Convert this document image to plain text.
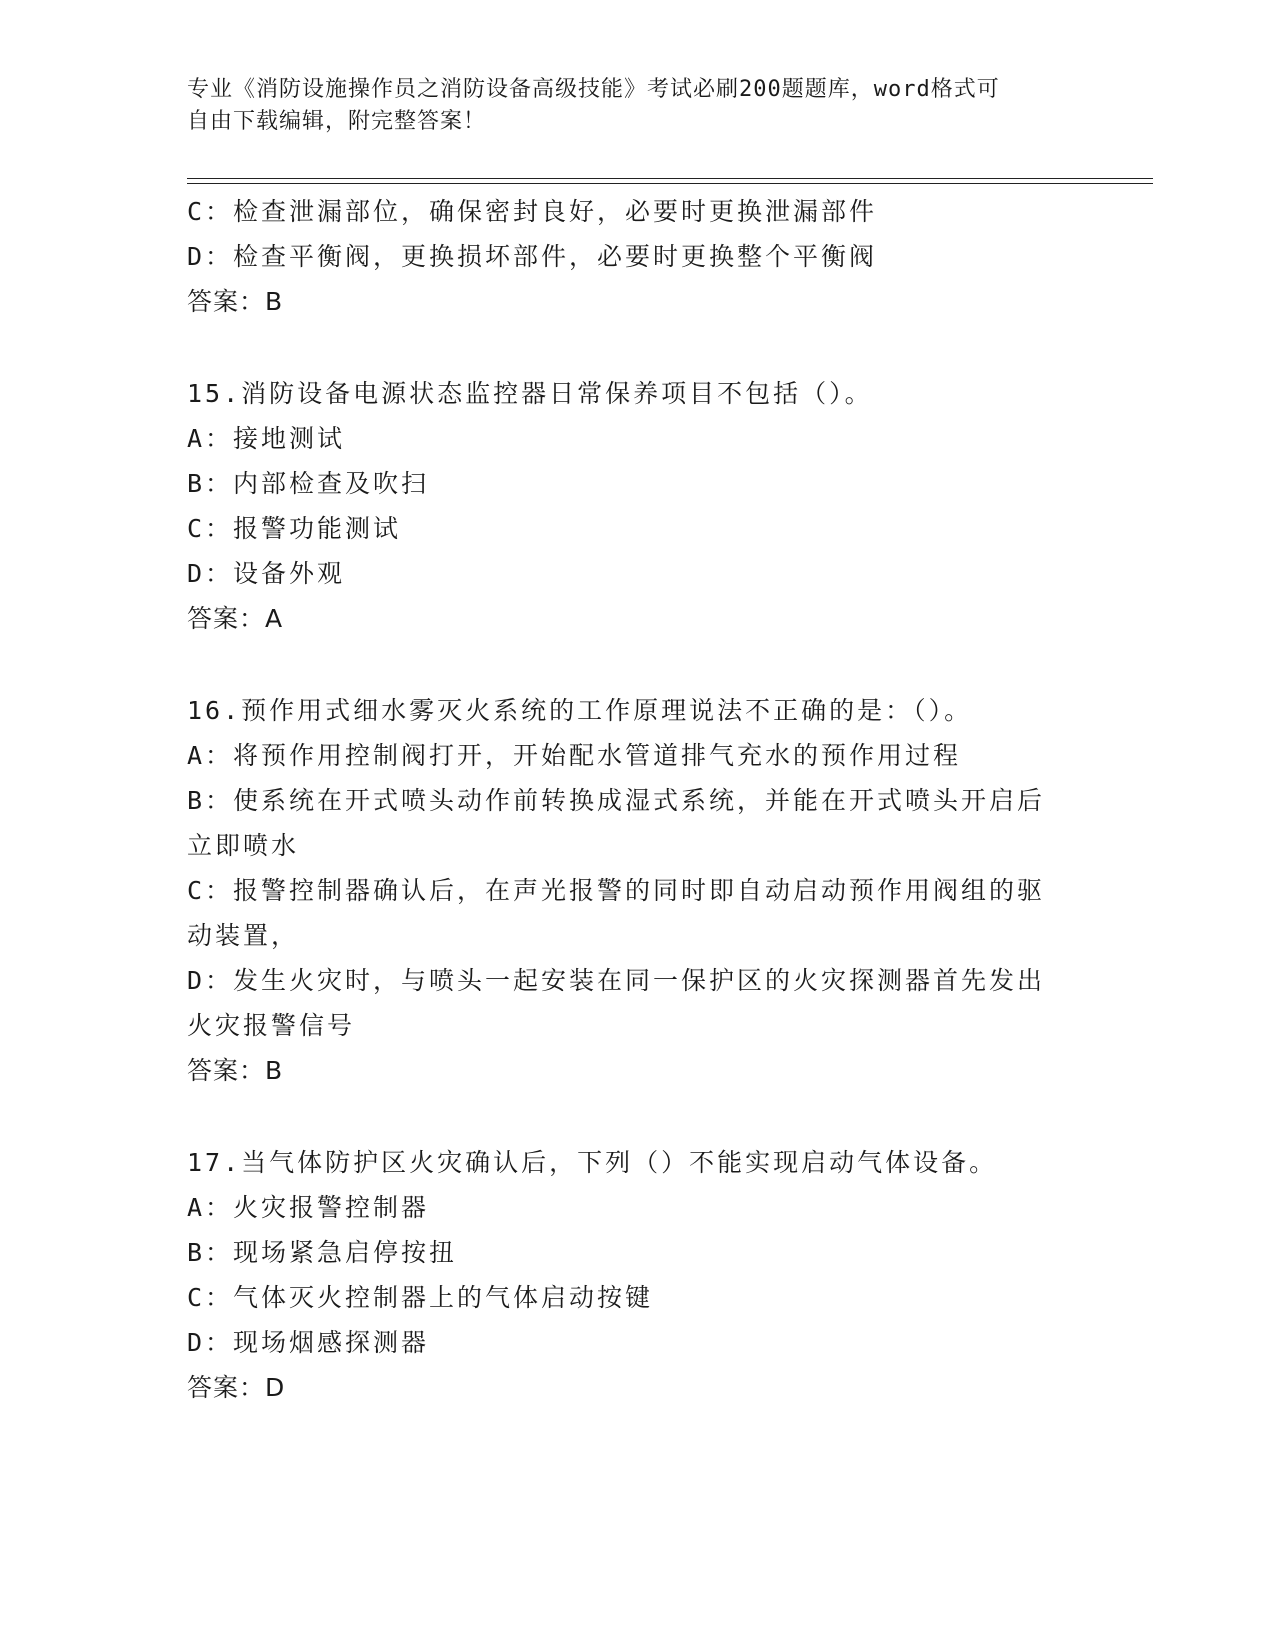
专业《消防设施操作员之消防设备高级技能》考试必刷200题题库，word格式可
自由下载编辑，附完整答案！
C：检查泄漏部位，确保密封良好，必要时更换泄漏部件
D：检查平衡阀，更换损坏部件，必要时更换整个平衡阀
答案：B
15.消防设备电源状态监控器日常保养项目不包括（）。
A：接地测试
B：内部检查及吹扫
C：报警功能测试
D：设备外观
答案：A
16.预作用式细水雾灭火系统的工作原理说法不正确的是：（）。
A：将预作用控制阀打开，开始配水管道排气充水的预作用过程
B：使系统在开式喷头动作前转换成湿式系统，并能在开式喷头开启后
立即喷水
C：报警控制器确认后，在声光报警的同时即自动启动预作用阀组的驱
动装置，
D：发生火灾时，与喷头一起安装在同一保护区的火灾探测器首先发出
火灾报警信号
答案：B
17.当气体防护区火灾确认后，下列（）不能实现启动气体设备。
A：火灾报警控制器
B：现场紧急启停按扭
C：气体灭火控制器上的气体启动按键
D：现场烟感探测器
答案：D
